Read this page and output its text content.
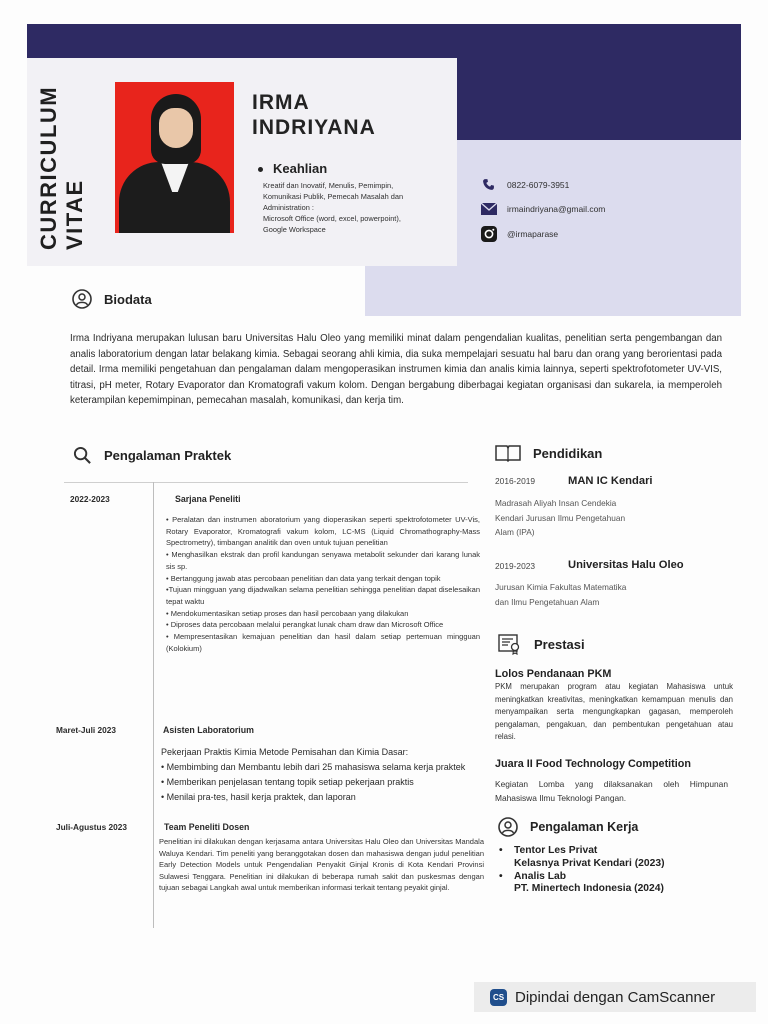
CURRICULUM VITAE
IRMA
INDRIYANA
Keahlian
Kreatif dan Inovatif, Menulis, Pemimpin,
Komunikasi Publik, Pemecah Masalah dan
Administration :
Microsoft Office (word, excel, powerpoint),
Google Workspace
0822-6079-3951
irmaindriyana@gmail.com
@irmaparase
Biodata
Irma Indriyana merupakan lulusan baru Universitas Halu Oleo yang memiliki minat dalam pengendalian kualitas, penelitian serta pengembangan dan analis laboratorium dengan latar belakang kimia. Sebagai seorang ahli kimia, dia suka mempelajari sesuatu hal baru dan orang yang berorientasi pada detail. Irma memiliki pengetahuan dan pengalaman dalam mengoperasikan instrumen kimia dan analis kimia lainnya, seperti spektrofotometer UV-VIS, titrasi, pH meter, Rotary Evaporator dan Kromatografi vakum kolom. Dengan bergabung diberbagai kegiatan organisasi dan sukarela, ia memperoleh keterampilan kepemimpinan, pemecahan masalah, komunikasi, dan kerja tim.
Pengalaman Praktek
2022-2023	Sarjana Peneliti
• Peralatan dan instrumen aboratorium yang dioperasikan seperti spektrofotometer UV-Vis, Rotary Evaporator, Kromatografi vakum kolom, LC-MS (Liquid Chromathography-Mass Spectrometry), timbangan analitik dan oven untuk tujuan penelitian
• Menghasilkan ekstrak dan profil kandungan senyawa metabolit sekunder dari karang lunak sis sp.
• Bertanggung jawab atas percobaan penelitian dan data yang terkait dengan topik
•Tujuan mingguan yang dijadwalkan selama penelitian sehingga penelitian dapat diselesaikan tepat waktu
• Mendokumentasikan setiap proses dan hasil percobaan yang dilakukan
• Diproses data percobaan melalui perangkat lunak cham draw dan Microsoft Office
• Mempresentasikan kemajuan penelitian dan hasil dalam setiap pertemuan mingguan (Kolokium)
Maret-Juli 2023	Asisten Laboratorium
Pekerjaan Praktis Kimia Metode Pemisahan dan Kimia Dasar:
• Membimbing dan Membantu lebih dari 25 mahasiswa selama kerja praktek
• Memberikan penjelasan tentang topik setiap pekerjaan praktis
• Menilai pra-tes, hasil kerja praktek, dan laporan
Juli-Agustus 2023	Team Peneliti Dosen
Penelitian ini dilakukan dengan kerjasama antara Universitas Halu Oleo dan Universitas Mandala Waluya Kendari. Tim peneliti yang beranggotakan dosen dan mahasiswa dengan judul penelitian Early Detection Models untuk Pengendalian Penyakit Ginjal Kronis di Kota Kendari Provinsi Sulawesi Tenggara. Penelitian ini dilakukan di beberapa rumah sakit dan puskesmas dengan tujuan sebagai Langkah awal untuk memberikan informasi terkait tentang peyakit ginjal.
Pendidikan
2016-2019	MAN IC Kendari
Madrasah Aliyah Insan Cendekia
Kendari Jurusan Ilmu Pengetahuan
Alam (IPA)
2019-2023	Universitas Halu Oleo
Jurusan Kimia Fakultas Matematika
dan Ilmu Pengetahuan Alam
Prestasi
Lolos Pendanaan PKM
PKM merupakan program atau kegiatan Mahasiswa untuk meningkatkan kreativitas, meningkatkan kemampuan menulis dan menyampaikan serta mengungkapkan gagasan, memperoleh pengalaman, pengakuan, dan pembentukan pengetahuan atau relasi.
Juara II Food Technology Competition
Kegiatan Lomba yang dilaksanakan oleh Himpunan Mahasiswa Ilmu Teknologi Pangan.
Pengalaman Kerja
•	Tentor Les Privat
Kelasnya Privat Kendari (2023)
•	Analis Lab
PT. Minertech Indonesia (2024)
CS Dipindai dengan CamScanner
